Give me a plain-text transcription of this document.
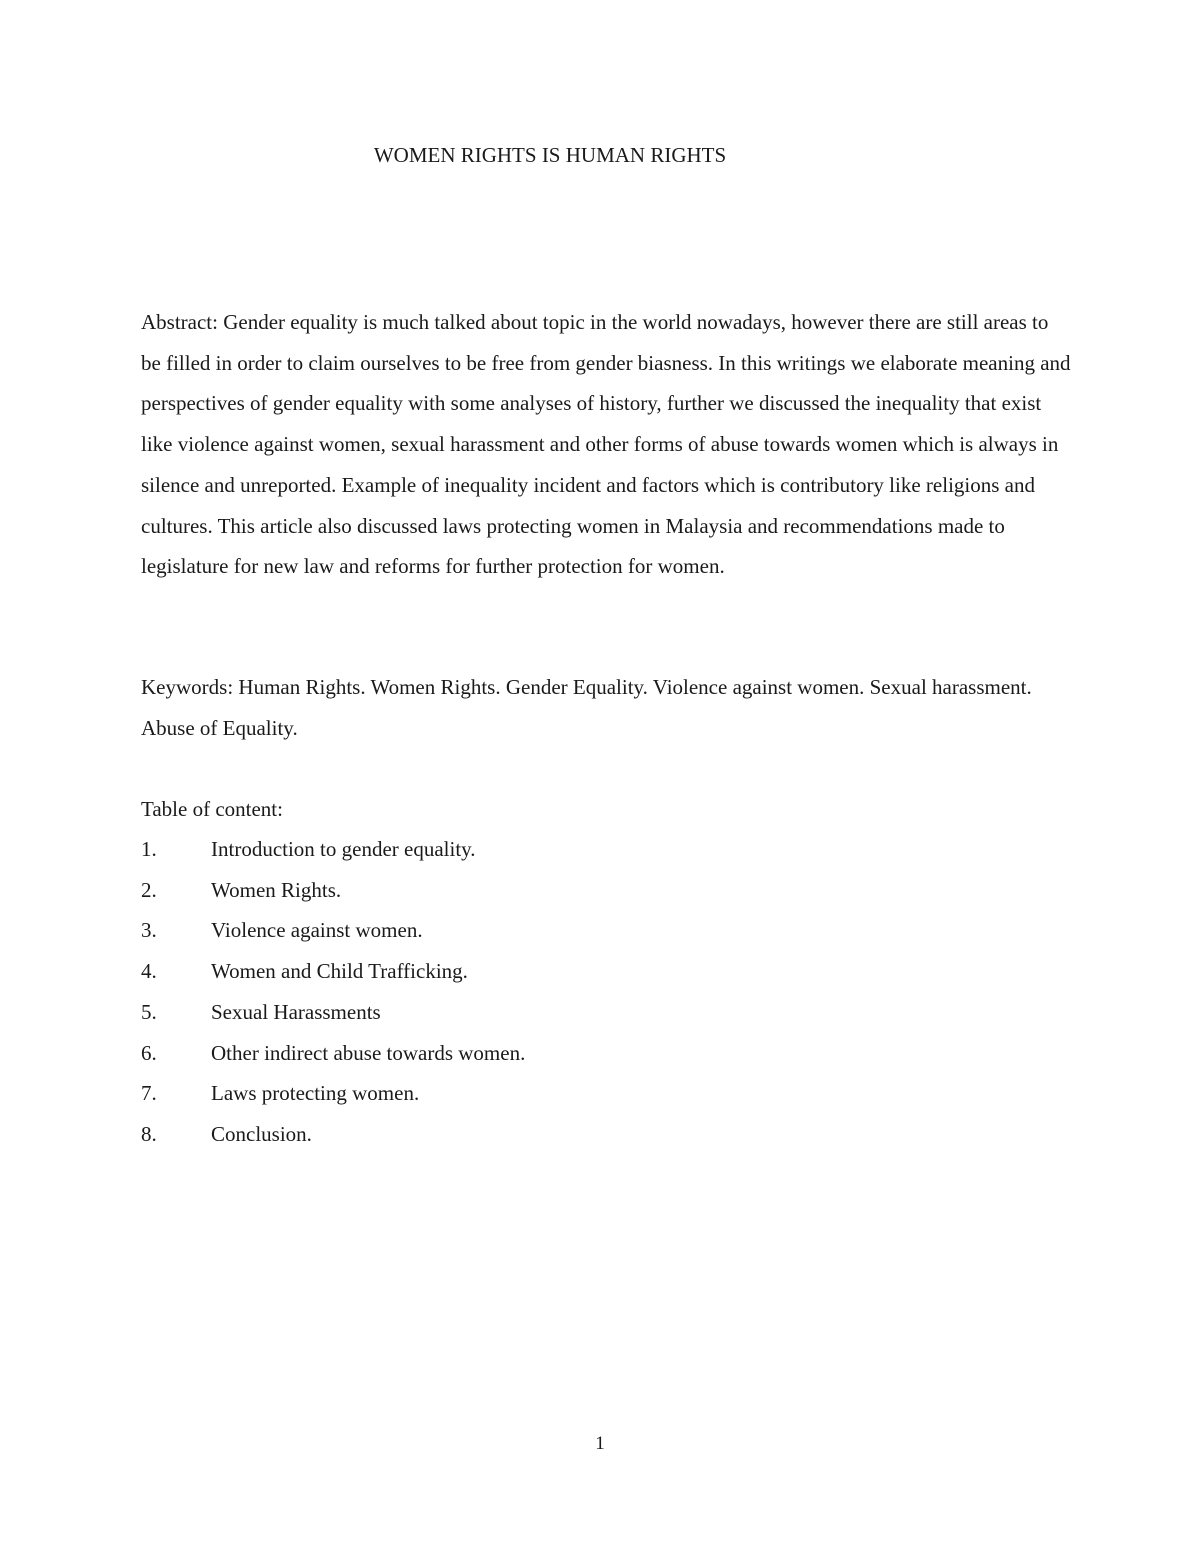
WOMEN RIGHTS IS HUMAN RIGHTS

Abstract: Gender equality is much talked about topic in the world nowadays, however there are still areas to be filled in order to claim ourselves to be free from gender biasness. In this writings we elaborate meaning and perspectives of gender equality with some analyses of history, further we discussed the inequality that exist like violence against women, sexual harassment and other forms of abuse towards women which is always in silence and unreported. Example of inequality incident and factors which is contributory like religions and cultures. This article also discussed laws protecting women in Malaysia and recommendations made to legislature for new law and reforms for further protection for women.

Keywords: Human Rights. Women Rights. Gender Equality. Violence against women. Sexual harassment. Abuse of Equality.

Table of content:

1.	Introduction to gender equality.
2.	Women Rights.
3.	Violence against women.
4.	Women and Child Trafficking.
5.	Sexual Harassments
6.	Other indirect abuse towards women.
7.	Laws protecting women.
8.	Conclusion.
1
